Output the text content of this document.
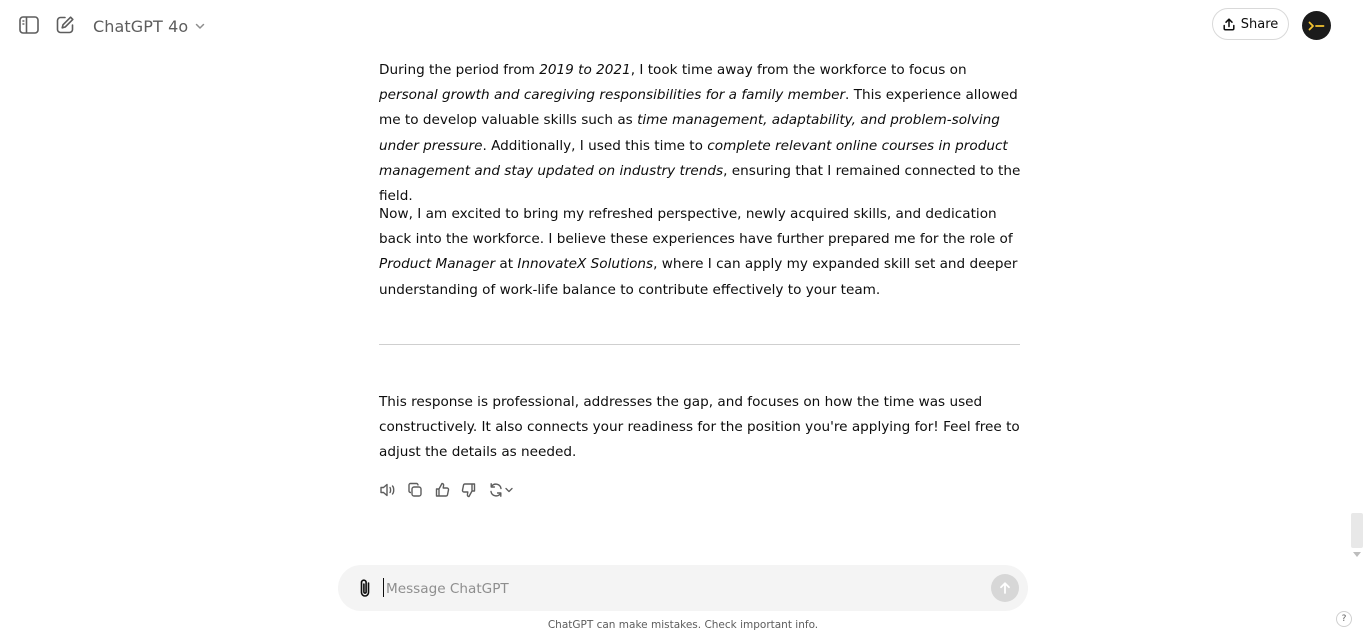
ChatGPT 4o	Share

During the period from 2019 to 2021, I took time away from the workforce to focus on personal growth and caregiving responsibilities for a family member. This experience allowed me to develop valuable skills such as time management, adaptability, and problem-solving under pressure. Additionally, I used this time to complete relevant online courses in product management and stay updated on industry trends, ensuring that I remained connected to the field.

Now, I am excited to bring my refreshed perspective, newly acquired skills, and dedication back into the workforce. I believe these experiences have further prepared me for the role of Product Manager at InnovateX Solutions, where I can apply my expanded skill set and deeper understanding of work-life balance to contribute effectively to your team.

This response is professional, addresses the gap, and focuses on how the time was used constructively. It also connects your readiness for the position you're applying for! Feel free to adjust the details as needed.

Message ChatGPT
ChatGPT can make mistakes. Check important info.	?
